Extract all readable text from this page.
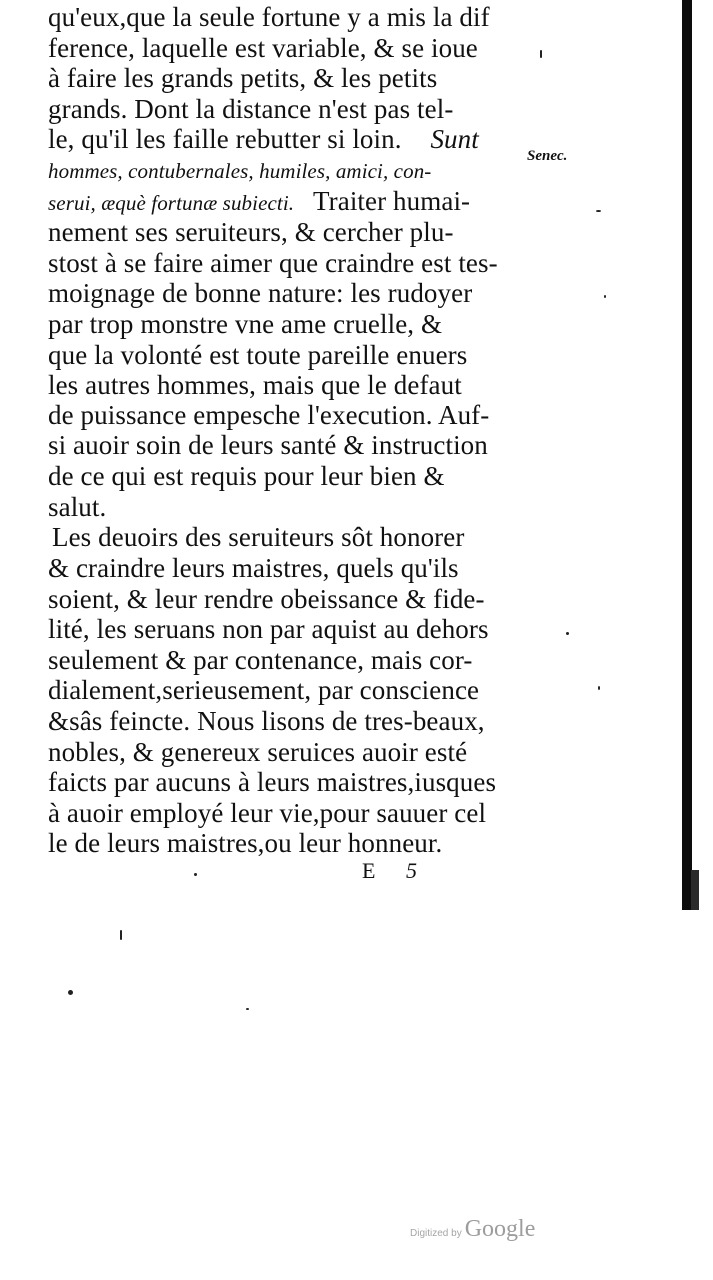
qu'eux,que la seule fortune y a mis la dif
ference, laquelle est variable, & se ioue
à faire les grands petits, & les petits
grands. Dont la distance n'est pas tel-
le, qu'il les faille rebutter si loin. Sunt
hommes, contubernales, humiles, amici, con-
serui, æquè fortunæ subiecti. Traiter humai-
nement ses seruiteurs, & cercher plu-
stost à se faire aimer que craindre est tes-
moignage de bonne nature: les rudoyer
par trop monstre vne ame cruelle, &
que la volonté est toute pareille enuers
les autres hommes, mais que le defaut
de puissance empesche l'execution. Auf-
si auoir soin de leurs santé & instruction
de ce qui est requis pour leur bien &
salut.
Les deuoirs des seruiteurs sôt honorer
& craindre leurs maistres, quels qu'ils
soient, & leur rendre obeissance & fide-
lité, les seruans non par aquist au dehors
seulement & par contenance, mais cor-
dialement,serieusement, par conscience
&sâs feincte. Nous lisons de tres-beaux,
nobles, & genereux seruices auoir esté
faicts par aucuns à leurs maistres,iusques
à auoir employé leur vie,pour sauuer cel
le de leurs maistres,ou leur honneur.
Senec.
E 5
Digitized by Google
